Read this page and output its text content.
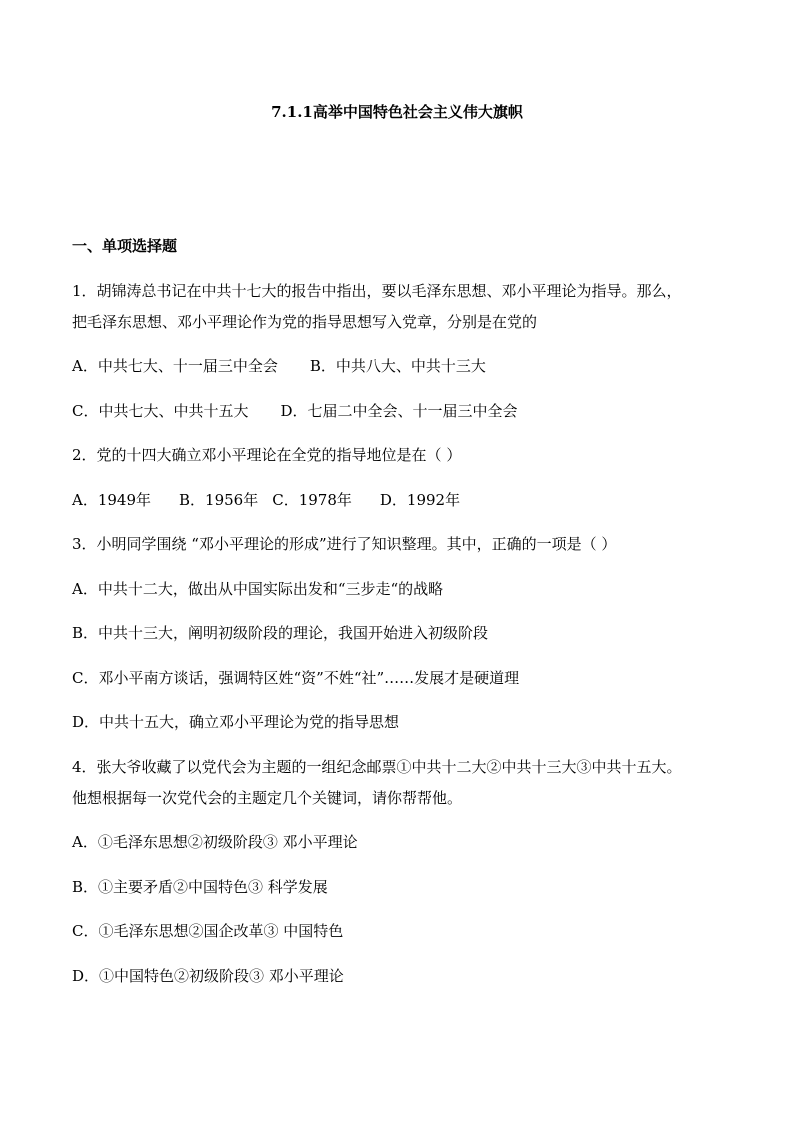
7.1.1高举中国特色社会主义伟大旗帜
一、单项选择题

1．胡锦涛总书记在中共十七大的报告中指出，要以毛泽东思想、邓小平理论为指导。那么，

把毛泽东思想、邓小平理论作为党的指导思想写入党章，分别是在党的

A．中共七大、十一届三中全会 B．中共八大、中共十三大

C．中共七大、中共十五大 D．七届二中全会、十一届三中全会

2．党的十四大确立邓小平理论在全党的指导地位是在（ ）

A．1949年 B．1956年 C．1978年 D．1992年

3．小明同学围绕 “邓小平理论的形成”进行了知识整理。其中，正确的一项是（ ）

A．中共十二大，做出从中国实际出发和“三步走“的战略

B．中共十三大，阐明初级阶段的理论，我国开始进入初级阶段

C．邓小平南方谈话，强调特区姓“资”不姓“社”……发展才是硬道理

D．中共十五大，确立邓小平理论为党的指导思想

4．张大爷收藏了以党代会为主题的一组纪念邮票①中共十二大②中共十三大③中共十五大。

他想根据每一次党代会的主题定几个关键词，请你帮帮他。

A．①毛泽东思想②初级阶段③ 邓小平理论

B．①主要矛盾②中国特色③ 科学发展

C．①毛泽东思想②国企改革③ 中国特色

D．①中国特色②初级阶段③ 邓小平理论
